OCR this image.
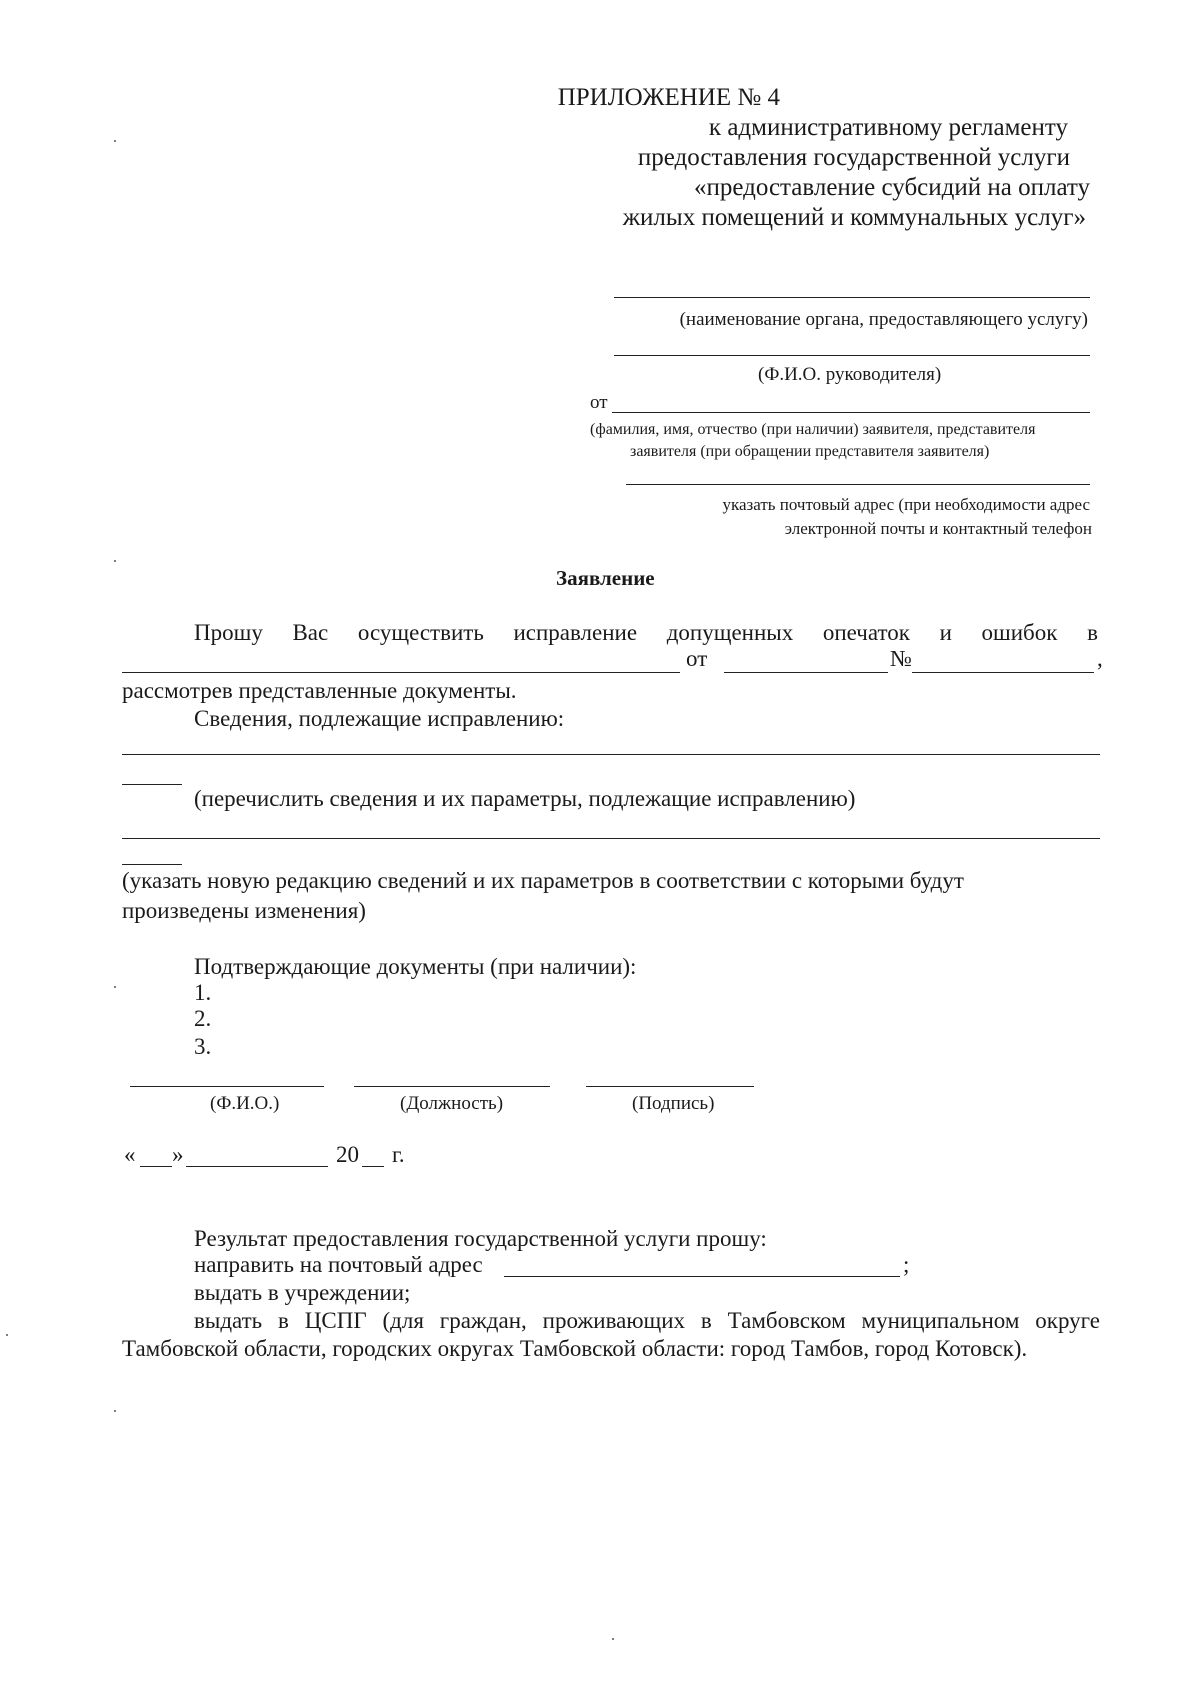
ПРИЛОЖЕНИЕ № 4
к административному регламенту
предоставления государственной услуги
«предоставление субсидий на оплату
жилых помещений и коммунальных услуг»
(наименование органа, предоставляющего услугу)
(Ф.И.О. руководителя)
от
(фамилия, имя, отчество (при наличии) заявителя, представителя
заявителя (при обращении представителя заявителя)
указать почтовый адрес (при необходимости адрес
электронной почты и контактный телефон
Заявление
Прошу Вас осуществить исправление допущенных опечаток и ошибок в
от	№	,
рассмотрев представленные документы.
Сведения, подлежащие исправлению:
(перечислить сведения и их параметры, подлежащие исправлению)
(указать новую редакцию сведений и их параметров в соответствии с которыми будут
произведены изменения)
Подтверждающие документы (при наличии):
1.
2.
3.
(Ф.И.О.)	(Должность)	(Подпись)
« »	20 г.
Результат предоставления государственной услуги прошу:
направить на почтовый адрес	;
выдать в учреждении;
выдать в ЦСПГ (для граждан, проживающих в Тамбовском муниципальном округе
Тамбовской области, городских округах Тамбовской области: город Тамбов, город Котовск).
